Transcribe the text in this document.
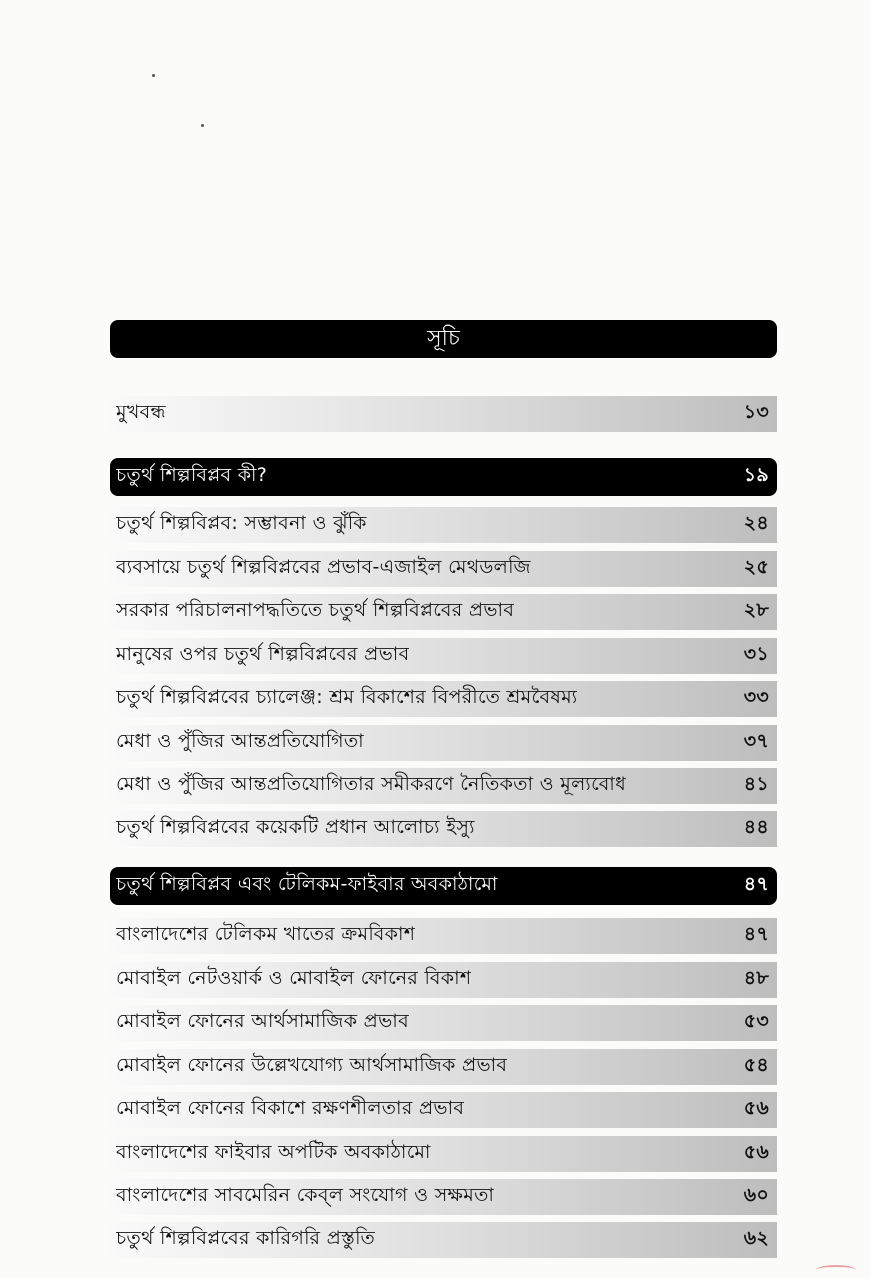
সূচি
মুখবন্ধ	১৩
চতুর্থ শিল্পবিপ্লব কী?	১৯
চতুর্থ শিল্পবিপ্লব: সম্ভাবনা ও ঝুঁকি	২৪
ব্যবসায়ে চতুর্থ শিল্পবিপ্লবের প্রভাব-এজাইল মেথডলজি	২৫
সরকার পরিচালনাপদ্ধতিতে চতুর্থ শিল্পবিপ্লবের প্রভাব	২৮
মানুষের ওপর চতুর্থ শিল্পবিপ্লবের প্রভাব	৩১
চতুর্থ শিল্পবিপ্লবের চ্যালেঞ্জ: শ্রম বিকাশের বিপরীতে শ্রমবৈষম্য	৩৩
মেধা ও পুঁজির আন্তপ্রতিযোগিতা	৩৭
মেধা ও পুঁজির আন্তপ্রতিযোগিতার সমীকরণে নৈতিকতা ও মূল্যবোধ	৪১
চতুর্থ শিল্পবিপ্লবের কয়েকটি প্রধান আলোচ্য ইস্যু	৪৪
চতুর্থ শিল্পবিপ্লব এবং টেলিকম-ফাইবার অবকাঠামো	৪৭
বাংলাদেশের টেলিকম খাতের ক্রমবিকাশ	৪৭
মোবাইল নেটওয়ার্ক ও মোবাইল ফোনের বিকাশ	৪৮
মোবাইল ফোনের আর্থসামাজিক প্রভাব	৫৩
মোবাইল ফোনের উল্লেখযোগ্য আর্থসামাজিক প্রভাব	৫৪
মোবাইল ফোনের বিকাশে রক্ষণশীলতার প্রভাব	৫৬
বাংলাদেশের ফাইবার অপটিক অবকাঠামো	৫৬
বাংলাদেশের সাবমেরিন কেব্‌ল সংযোগ ও সক্ষমতা	৬০
চতুর্থ শিল্পবিপ্লবের কারিগরি প্রস্তুতি	৬২
